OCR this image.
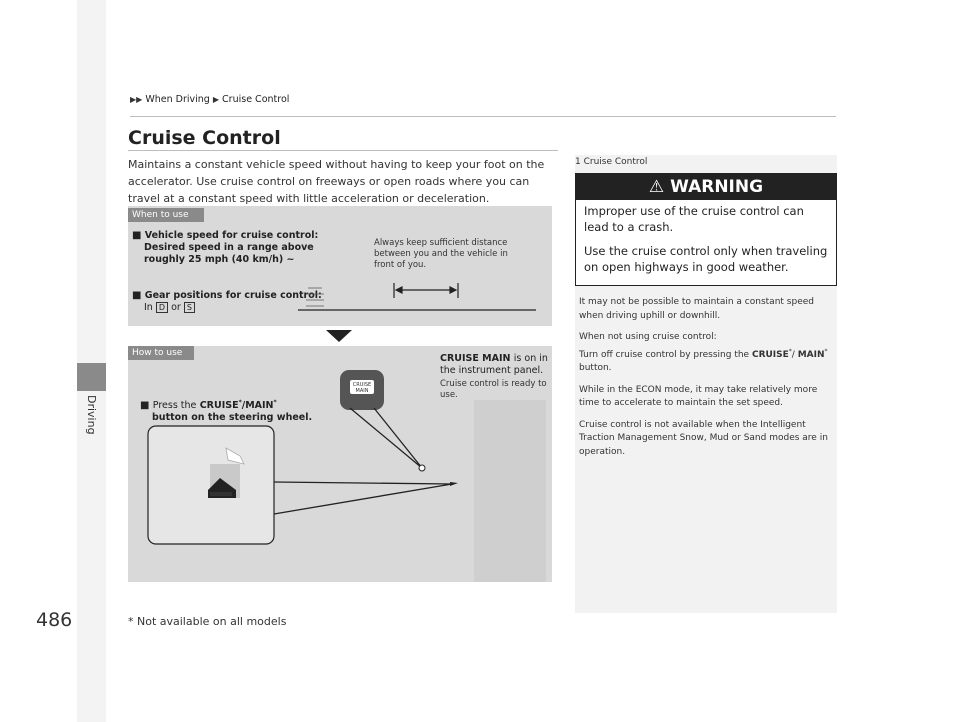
Driving
▶▶ When Driving ▶ Cruise Control
Cruise Control
Maintains a constant vehicle speed without having to keep your foot on the accelerator. Use cruise control on freeways or open roads where you can travel at a constant speed with little acceleration or deceleration.
When to use
■ Vehicle speed for cruise control:

Desired speed in a range above roughly 25 mph (40 km/h) ~
■ Gear positions for cruise control:
In D or S
Always keep sufficient distance between you and the vehicle in front of you.
How to use
■ Press the CRUISE*/MAIN*

button on the steering wheel.
CRUISE MAIN is on in the instrument panel.
Cruise control is ready to use.
CRUISE
MAIN
* Not available on all models
486
1 Cruise Control
⚠ WARNING

Improper use of the cruise control can lead to a crash.

Use the cruise control only when traveling on open highways in good weather.

It may not be possible to maintain a constant speed when driving uphill or downhill.

When not using cruise control:
Turn off cruise control by pressing the CRUISE*/ MAIN* button.

While in the ECON mode, it may take relatively more time to accelerate to maintain the set speed.

Cruise control is not available when the Intelligent Traction Management Snow, Mud or Sand modes are in operation.
